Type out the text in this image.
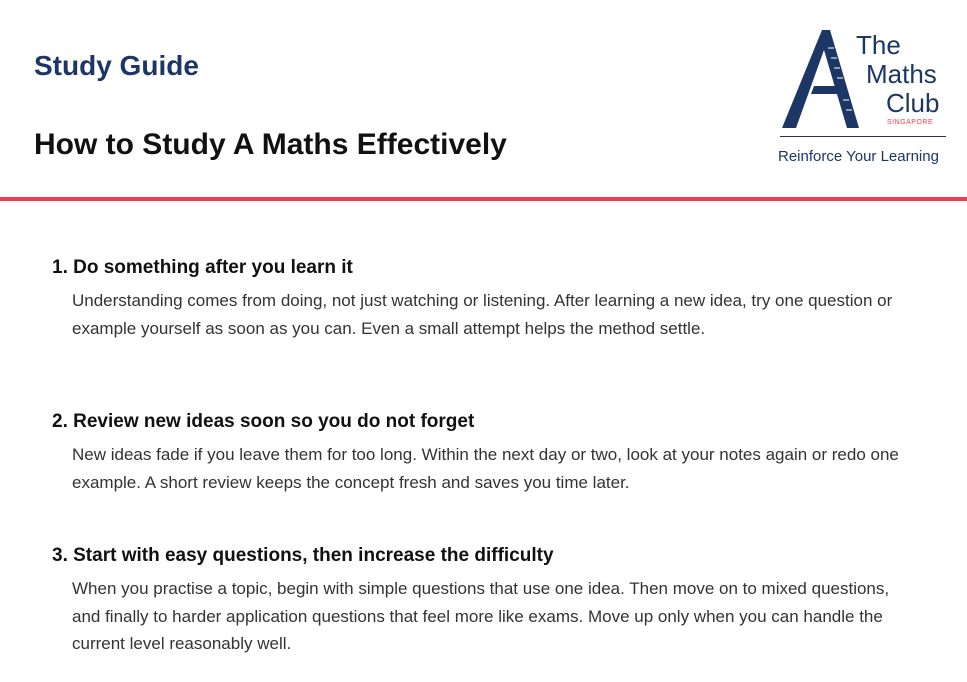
Study Guide
How to Study A Maths Effectively
The
Maths
Club
SINGAPORE
Reinforce Your Learning
1. Do something after you learn it

Understanding comes from doing, not just watching or listening. After learning a new idea, try one question or example yourself as soon as you can. Even a small attempt helps the method settle.

2. Review new ideas soon so you do not forget

New ideas fade if you leave them for too long. Within the next day or two, look at your notes again or redo one example. A short review keeps the concept fresh and saves you time later.

3. Start with easy questions, then increase the difficulty

When you practise a topic, begin with simple questions that use one idea. Then move on to mixed questions, and finally to harder application questions that feel more like exams. Move up only when you can handle the current level reasonably well.
